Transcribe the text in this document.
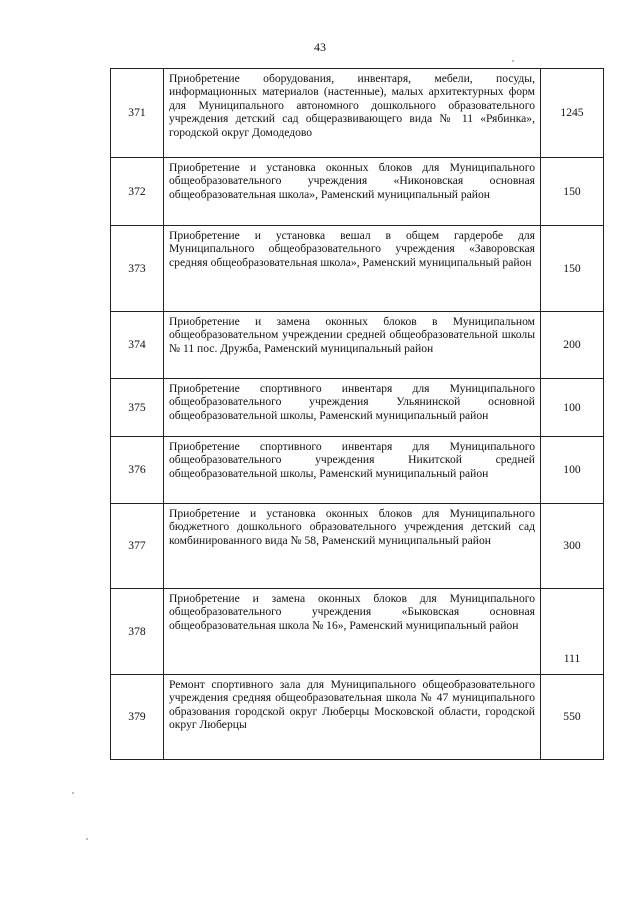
43
371	Приобретение оборудования, инвентаря, мебели, посуды, информационных материалов (настенные), малых архитектурных форм для Муниципального автономного дошкольного образовательного учреждения детский сад общеразвивающего вида № 11 «Рябинка», городской округ Домодедово	1245
372	Приобретение и установка оконных блоков для Муниципального общеобразовательного учреждения «Никоновская основная общеобразовательная школа», Раменский муниципальный район	150
373	Приобретение и установка вешал в общем гардеробе для Муниципального общеобразовательного учреждения «Заворовская средняя общеобразовательная школа», Раменский муниципальный район	150
374	Приобретение и замена оконных блоков в Муниципальном общеобразовательном учреждении средней общеобразовательной школы № 11 пос. Дружба, Раменский муниципальный район	200
375	Приобретение спортивного инвентаря для Муниципального общеобразовательного учреждения Ульянинской основной общеобразовательной школы, Раменский муниципальный район	100
376	Приобретение спортивного инвентаря для Муниципального общеобразовательного учреждения Никитской средней общеобразовательной школы, Раменский муниципальный район	100
377	Приобретение и установка оконных блоков для Муниципального бюджетного дошкольного образовательного учреждения детский сад комбинированного вида № 58, Раменский муниципальный район	300
378	Приобретение и замена оконных блоков для Муниципального общеобразовательного учреждения «Быковская основная общеобразовательная школа № 16», Раменский муниципальный район	111
379	Ремонт спортивного зала для Муниципального общеобразовательного учреждения средняя общеобразовательная школа № 47 муниципального образования городской округ Люберцы Московской области, городской округ Люберцы	550
